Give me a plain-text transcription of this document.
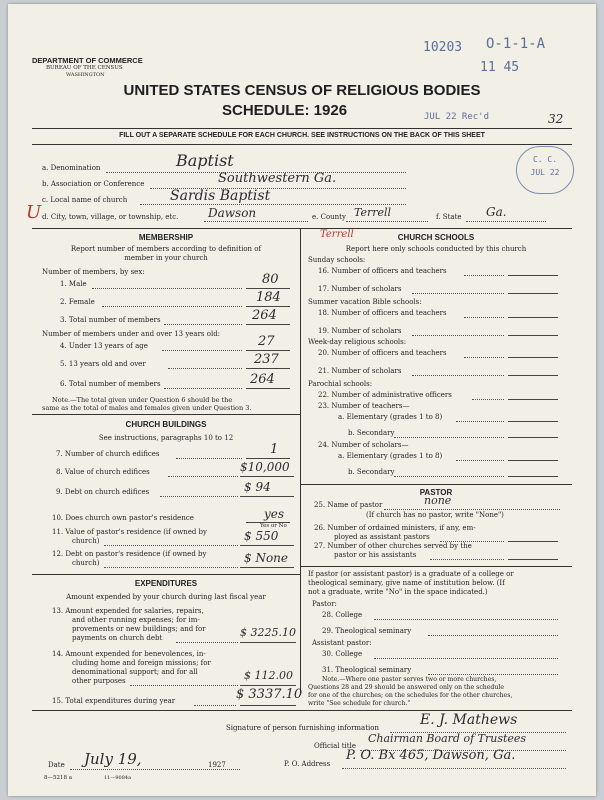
DEPARTMENT OF COMMERCE
BUREAU OF THE CENSUS
WASHINGTON
10203 O-1-1-A
11 45
UNITED STATES CENSUS OF RELIGIOUS BODIES
SCHEDULE: 1926	JUL 22 Rec'd	32
FILL OUT A SEPARATE SCHEDULE FOR EACH CHURCH. SEE INSTRUCTIONS ON THE BACK OF THIS SHEET
C. C.
JUL 22
a. Denomination	Baptist
b. Association or Conference	Southwestern Ga.
c. Local name of church	Sardis Baptist
U d. City, town, village, or township, etc. Dawson	e. County Terrell	f. State Ga.
MEMBERSHIP
Report number of members according to definition of
member in your church
Number of members, by sex:
1. Male	80
2. Female	184
3. Total number of members	264
Number of members under and over 13 years old:
4. Under 13 years of age	27
5. 13 years old and over	237
6. Total number of members	264
Note.—The total given under Question 6 should be the
same as the total of males and females given under Question 3.
CHURCH BUILDINGS
See instructions, paragraphs 10 to 12
7. Number of church edifices	1
8. Value of church edifices	$10,000
9. Debt on church edifices	$ 94
10. Does church own pastor's residence	yes
Yes or No
11. Value of pastor's residence (if owned by
church)	$ 550
12. Debt on pastor's residence (if owned by
church)	$ None
EXPENDITURES
Amount expended by your church during last fiscal year
13. Amount expended for salaries, repairs,
and other running expenses; for im-
provements or new buildings; and for
payments on church debt	$ 3225.10
14. Amount expended for benevolences, in-
cluding home and foreign missions; for
denominational support; and for all
other purposes	$ 112.00
15. Total expenditures during year	$ 3337.10
Terrell	CHURCH SCHOOLS
Report here only schools conducted by this church
Sunday schools:
16. Number of officers and teachers
17. Number of scholars
Summer vacation Bible schools:
18. Number of officers and teachers
19. Number of scholars
Week-day religious schools:
20. Number of officers and teachers
21. Number of scholars
Parochial schools:
22. Number of administrative officers
23. Number of teachers—
a. Elementary (grades 1 to 8)
b. Secondary
24. Number of scholars—
a. Elementary (grades 1 to 8)
b. Secondary
PASTOR
25. Name of pastor	none
(If church has no pastor, write "None")
26. Number of ordained ministers, if any, em-
ployed as assistant pastors
27. Number of other churches served by the
pastor or his assistants
If pastor (or assistant pastor) is a graduate of a college or
theological seminary, give name of institution below. (If
not a graduate, write "No" in the space indicated.)
Pastor:
28. College
29. Theological seminary
Assistant pastor:
30. College
31. Theological seminary
Note.—Where one pastor serves two or more churches,
Questions 28 and 29 should be answered only on the schedule
for one of the churches; on the schedules for the other churches,
write "See schedule for church."
Signature of person furnishing information	E. J. Mathews
Official title
Chairman Board of Trustees
Date July 19,	1927
8—5218 a	11—9084a
P. O. Address
P. O. Bx 465, Dawson, Ga.
